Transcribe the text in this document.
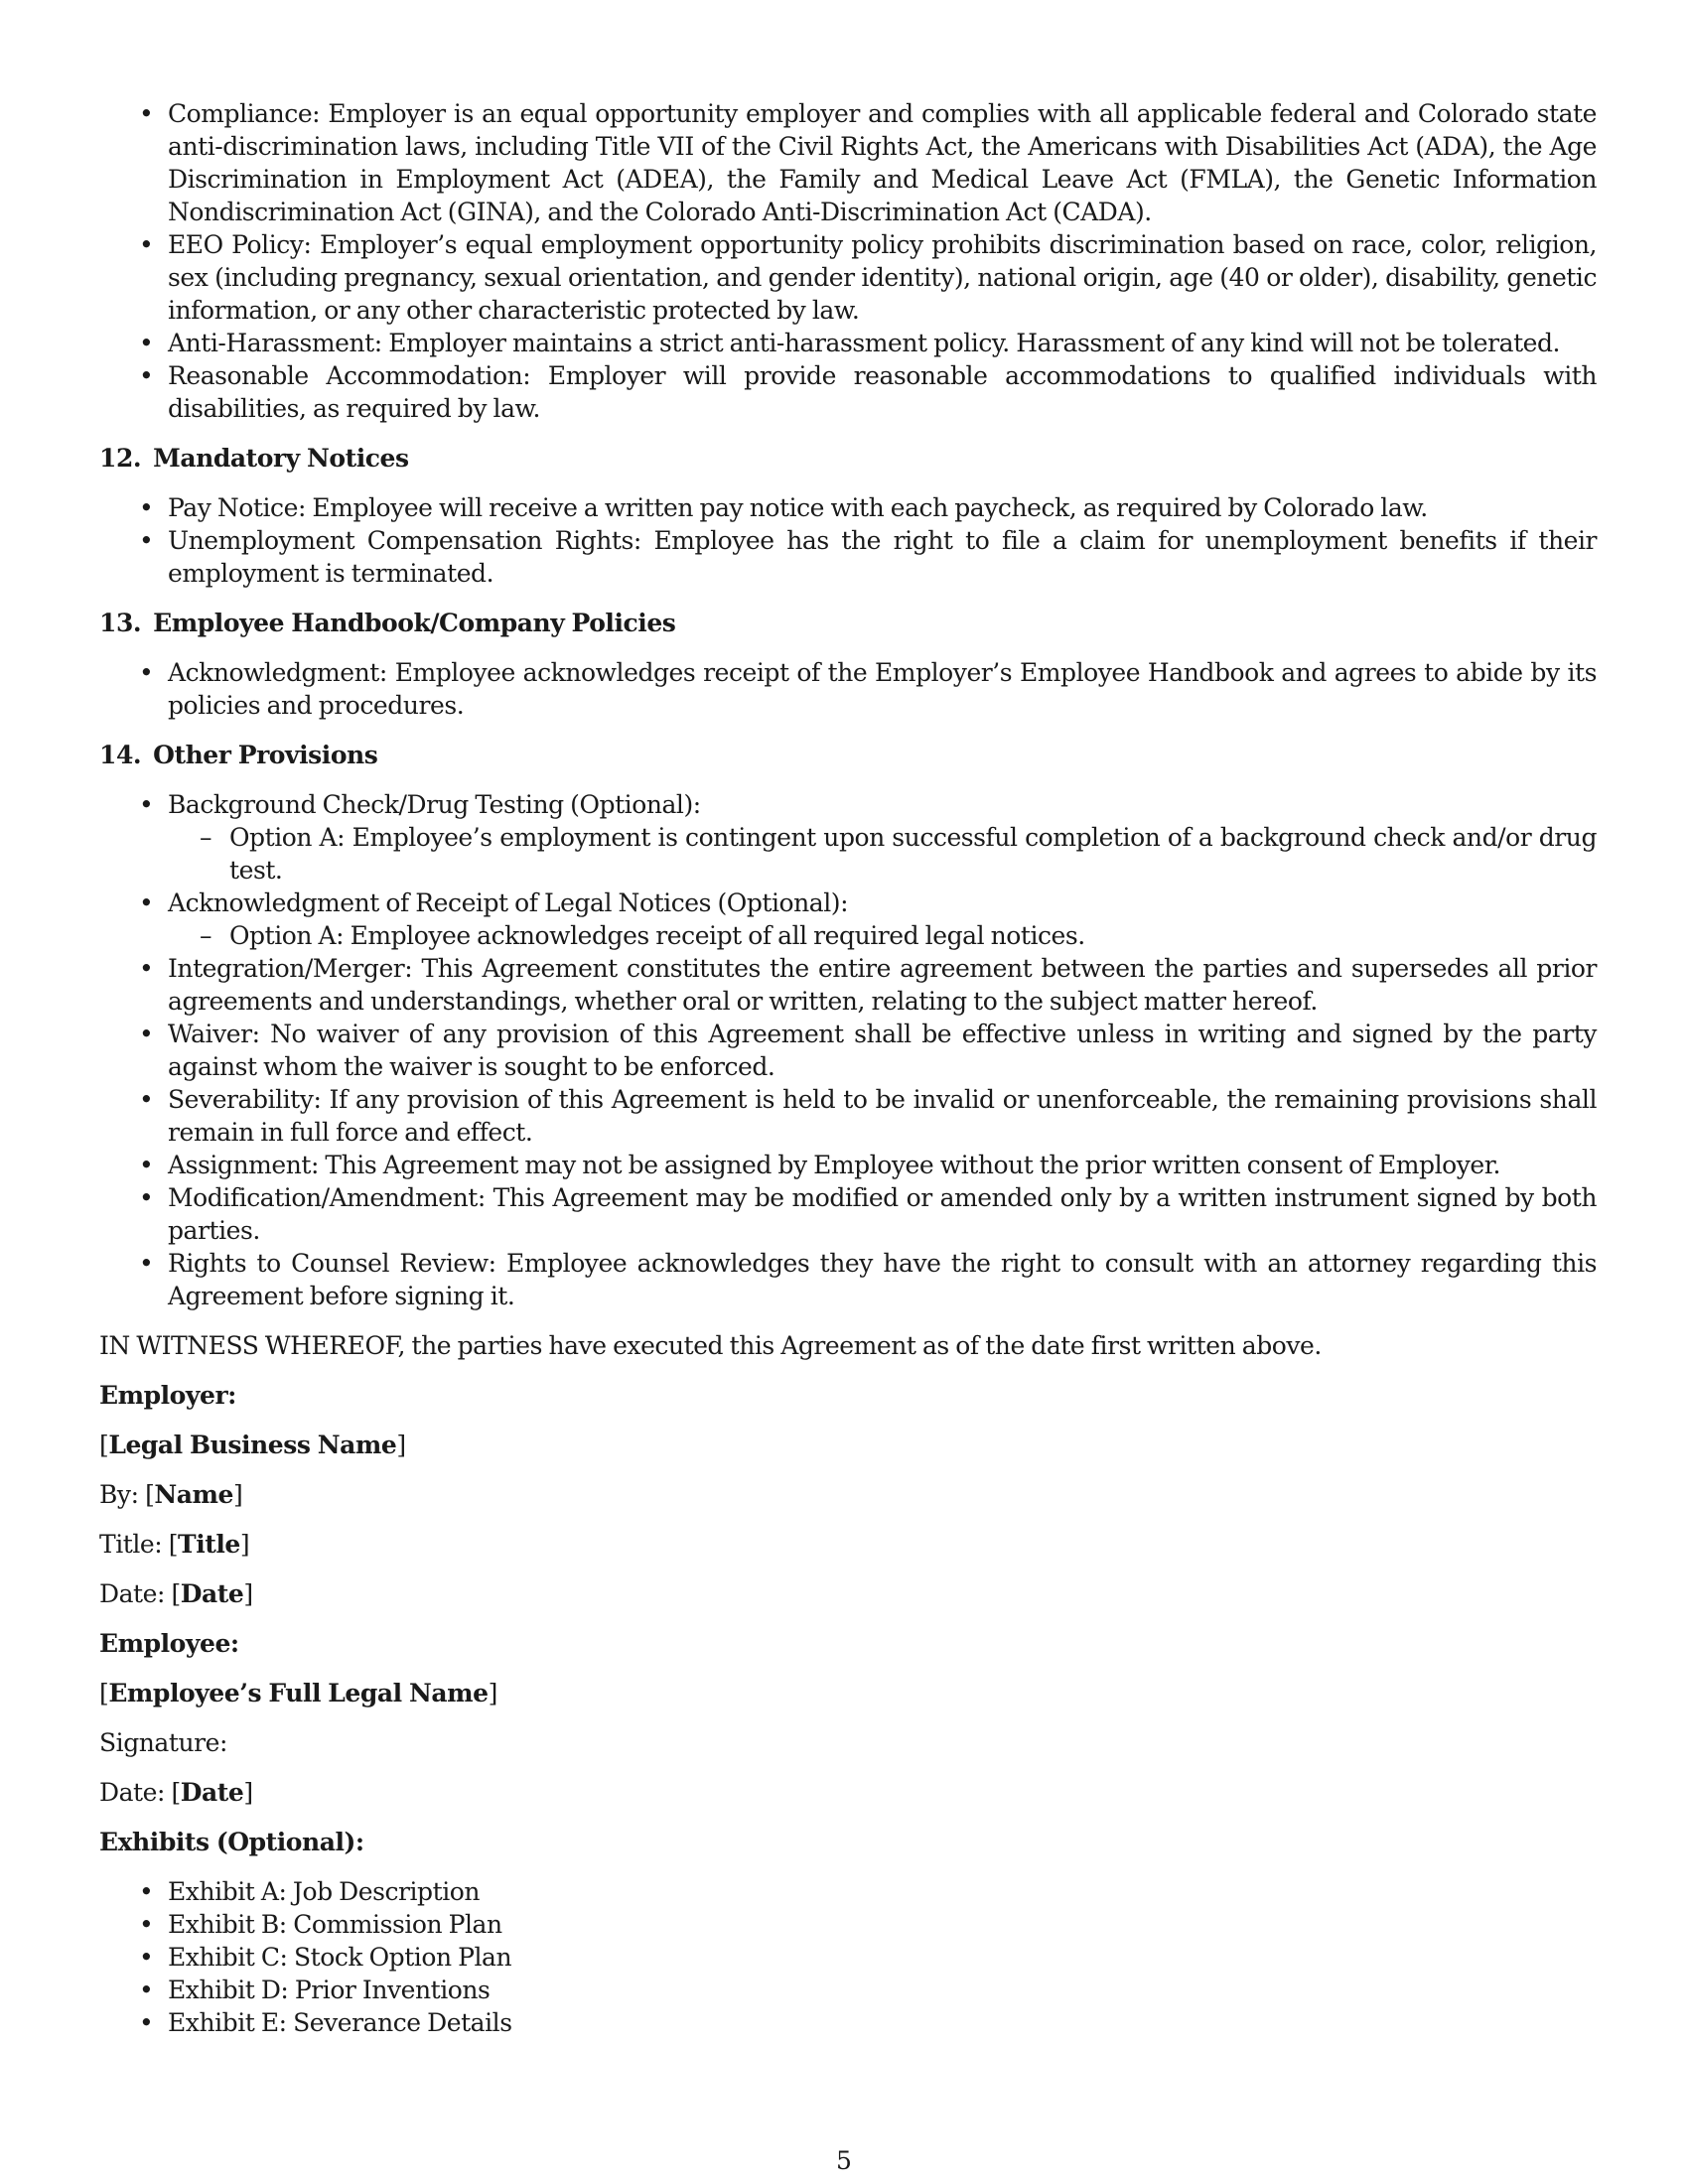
• Compliance: Employer is an equal opportunity employer and complies with all applicable federal and Colorado state anti-discrimination laws, including Title VII of the Civil Rights Act, the Americans with Disabilities Act (ADA), the Age Discrimination in Employment Act (ADEA), the Family and Medical Leave Act (FMLA), the Genetic Information Nondiscrimination Act (GINA), and the Colorado Anti-Discrimination Act (CADA).
• EEO Policy: Employer’s equal employment opportunity policy prohibits discrimination based on race, color, religion, sex (including pregnancy, sexual orientation, and gender identity), national origin, age (40 or older), disability, genetic information, or any other characteristic protected by law.
• Anti-Harassment: Employer maintains a strict anti-harassment policy. Harassment of any kind will not be tolerated.
• Reasonable Accommodation: Employer will provide reasonable accommodations to qualified individuals with disabilities, as required by law.
12. Mandatory Notices
• Pay Notice: Employee will receive a written pay notice with each paycheck, as required by Colorado law.
• Unemployment Compensation Rights: Employee has the right to file a claim for unemployment benefits if their employment is terminated.
13. Employee Handbook/Company Policies
• Acknowledgment: Employee acknowledges receipt of the Employer’s Employee Handbook and agrees to abide by its policies and procedures.
14. Other Provisions
• Background Check/Drug Testing (Optional):
– Option A: Employee’s employment is contingent upon successful completion of a background check and/or drug test.
• Acknowledgment of Receipt of Legal Notices (Optional):
– Option A: Employee acknowledges receipt of all required legal notices.
• Integration/Merger: This Agreement constitutes the entire agreement between the parties and supersedes all prior agreements and understandings, whether oral or written, relating to the subject matter hereof.
• Waiver: No waiver of any provision of this Agreement shall be effective unless in writing and signed by the party against whom the waiver is sought to be enforced.
• Severability: If any provision of this Agreement is held to be invalid or unenforceable, the remaining provisions shall remain in full force and effect.
• Assignment: This Agreement may not be assigned by Employee without the prior written consent of Employer.
• Modification/Amendment: This Agreement may be modified or amended only by a written instrument signed by both parties.
• Rights to Counsel Review: Employee acknowledges they have the right to consult with an attorney regarding this Agreement before signing it.

IN WITNESS WHEREOF, the parties have executed this Agreement as of the date first written above.

Employer:

[Legal Business Name]

By: [Name]

Title: [Title]

Date: [Date]

Employee:

[Employee’s Full Legal Name]

Signature:

Date: [Date]

Exhibits (Optional):

• Exhibit A: Job Description
• Exhibit B: Commission Plan
• Exhibit C: Stock Option Plan
• Exhibit D: Prior Inventions
• Exhibit E: Severance Details
5
